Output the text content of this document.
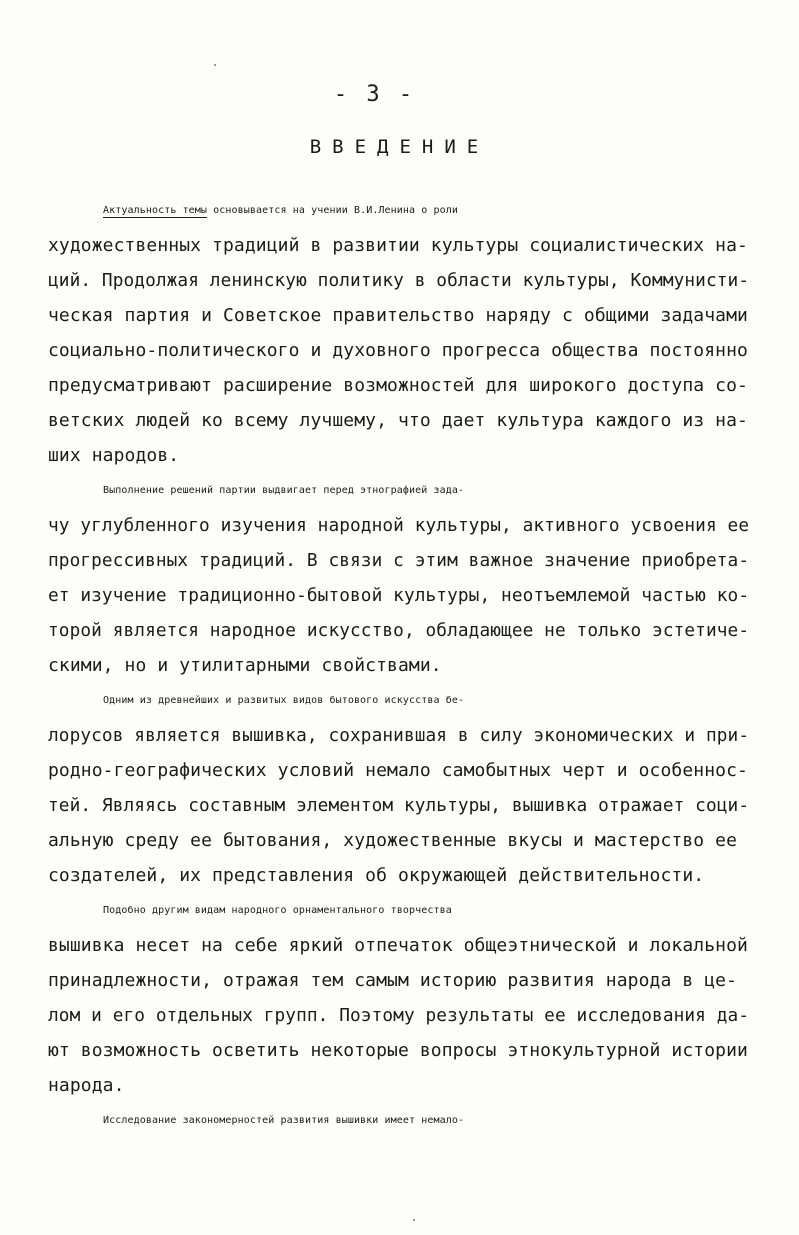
- 3 -
ВВЕДЕНИЕ
Актуальность темы основывается на учении В.И.Ленина о роли
художественных традиций в развитии культуры социалистических на-
ций. Продолжая ленинскую политику в области культуры, Коммунисти-
ческая партия и Советское правительство наряду с общими задачами
социально-политического и духовного прогресса общества постоянно
предусматривают расширение возможностей для широкого доступа со-
ветских людей ко всему лучшему, что дает культура каждого из на-
ших народов.
Выполнение решений партии выдвигает перед этнографией зада-
чу углубленного изучения народной культуры, активного усвоения ее
прогрессивных традиций. В связи с этим важное значение приобрета-
ет изучение традиционно-бытовой культуры, неотъемлемой частью ко-
торой является народное искусство, обладающее не только эстетиче-
скими, но и утилитарными свойствами.
Одним из древнейших и развитых видов бытового искусства бе-
лорусов является вышивка, сохранившая в силу экономических и при-
родно-географических условий немало самобытных черт и особеннос-
тей. Являясь составным элементом культуры, вышивка отражает соци-
альную среду ее бытования, художественные вкусы и мастерство ее
создателей, их представления об окружающей действительности.
Подобно другим видам народного орнаментального творчества
вышивка несет на себе яркий отпечаток общеэтнической и локальной
принадлежности, отражая тем самым историю развития народа в це-
лом и его отдельных групп. Поэтому результаты ее исследования да-
ют возможность осветить некоторые вопросы этнокультурной истории
народа.
Исследование закономерностей развития вышивки имеет немало-
